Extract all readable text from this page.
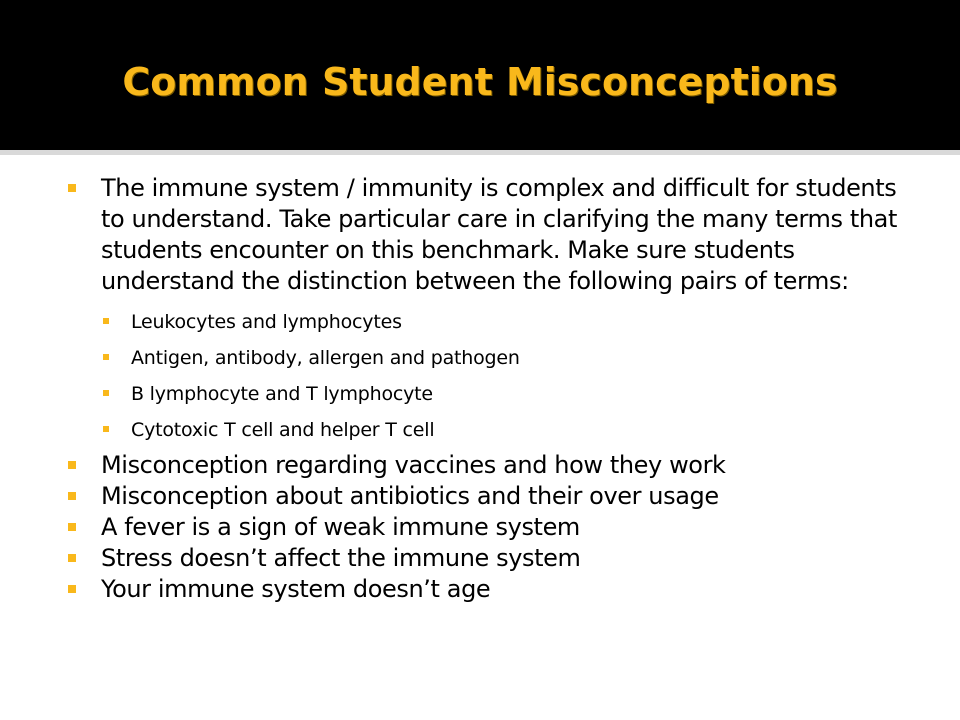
Common Student Misconceptions
The immune system / immunity is complex and difficult for students to understand. Take particular care in clarifying the many terms that students encounter on this benchmark. Make sure students understand the distinction between the following pairs of terms:
Leukocytes and lymphocytes
Antigen, antibody, allergen and pathogen
B lymphocyte and T lymphocyte
Cytotoxic T cell and helper T cell
Misconception regarding vaccines and how they work
Misconception about antibiotics and their over usage
A fever is a sign of weak immune system
Stress doesn’t affect the immune system
Your immune system doesn’t age
